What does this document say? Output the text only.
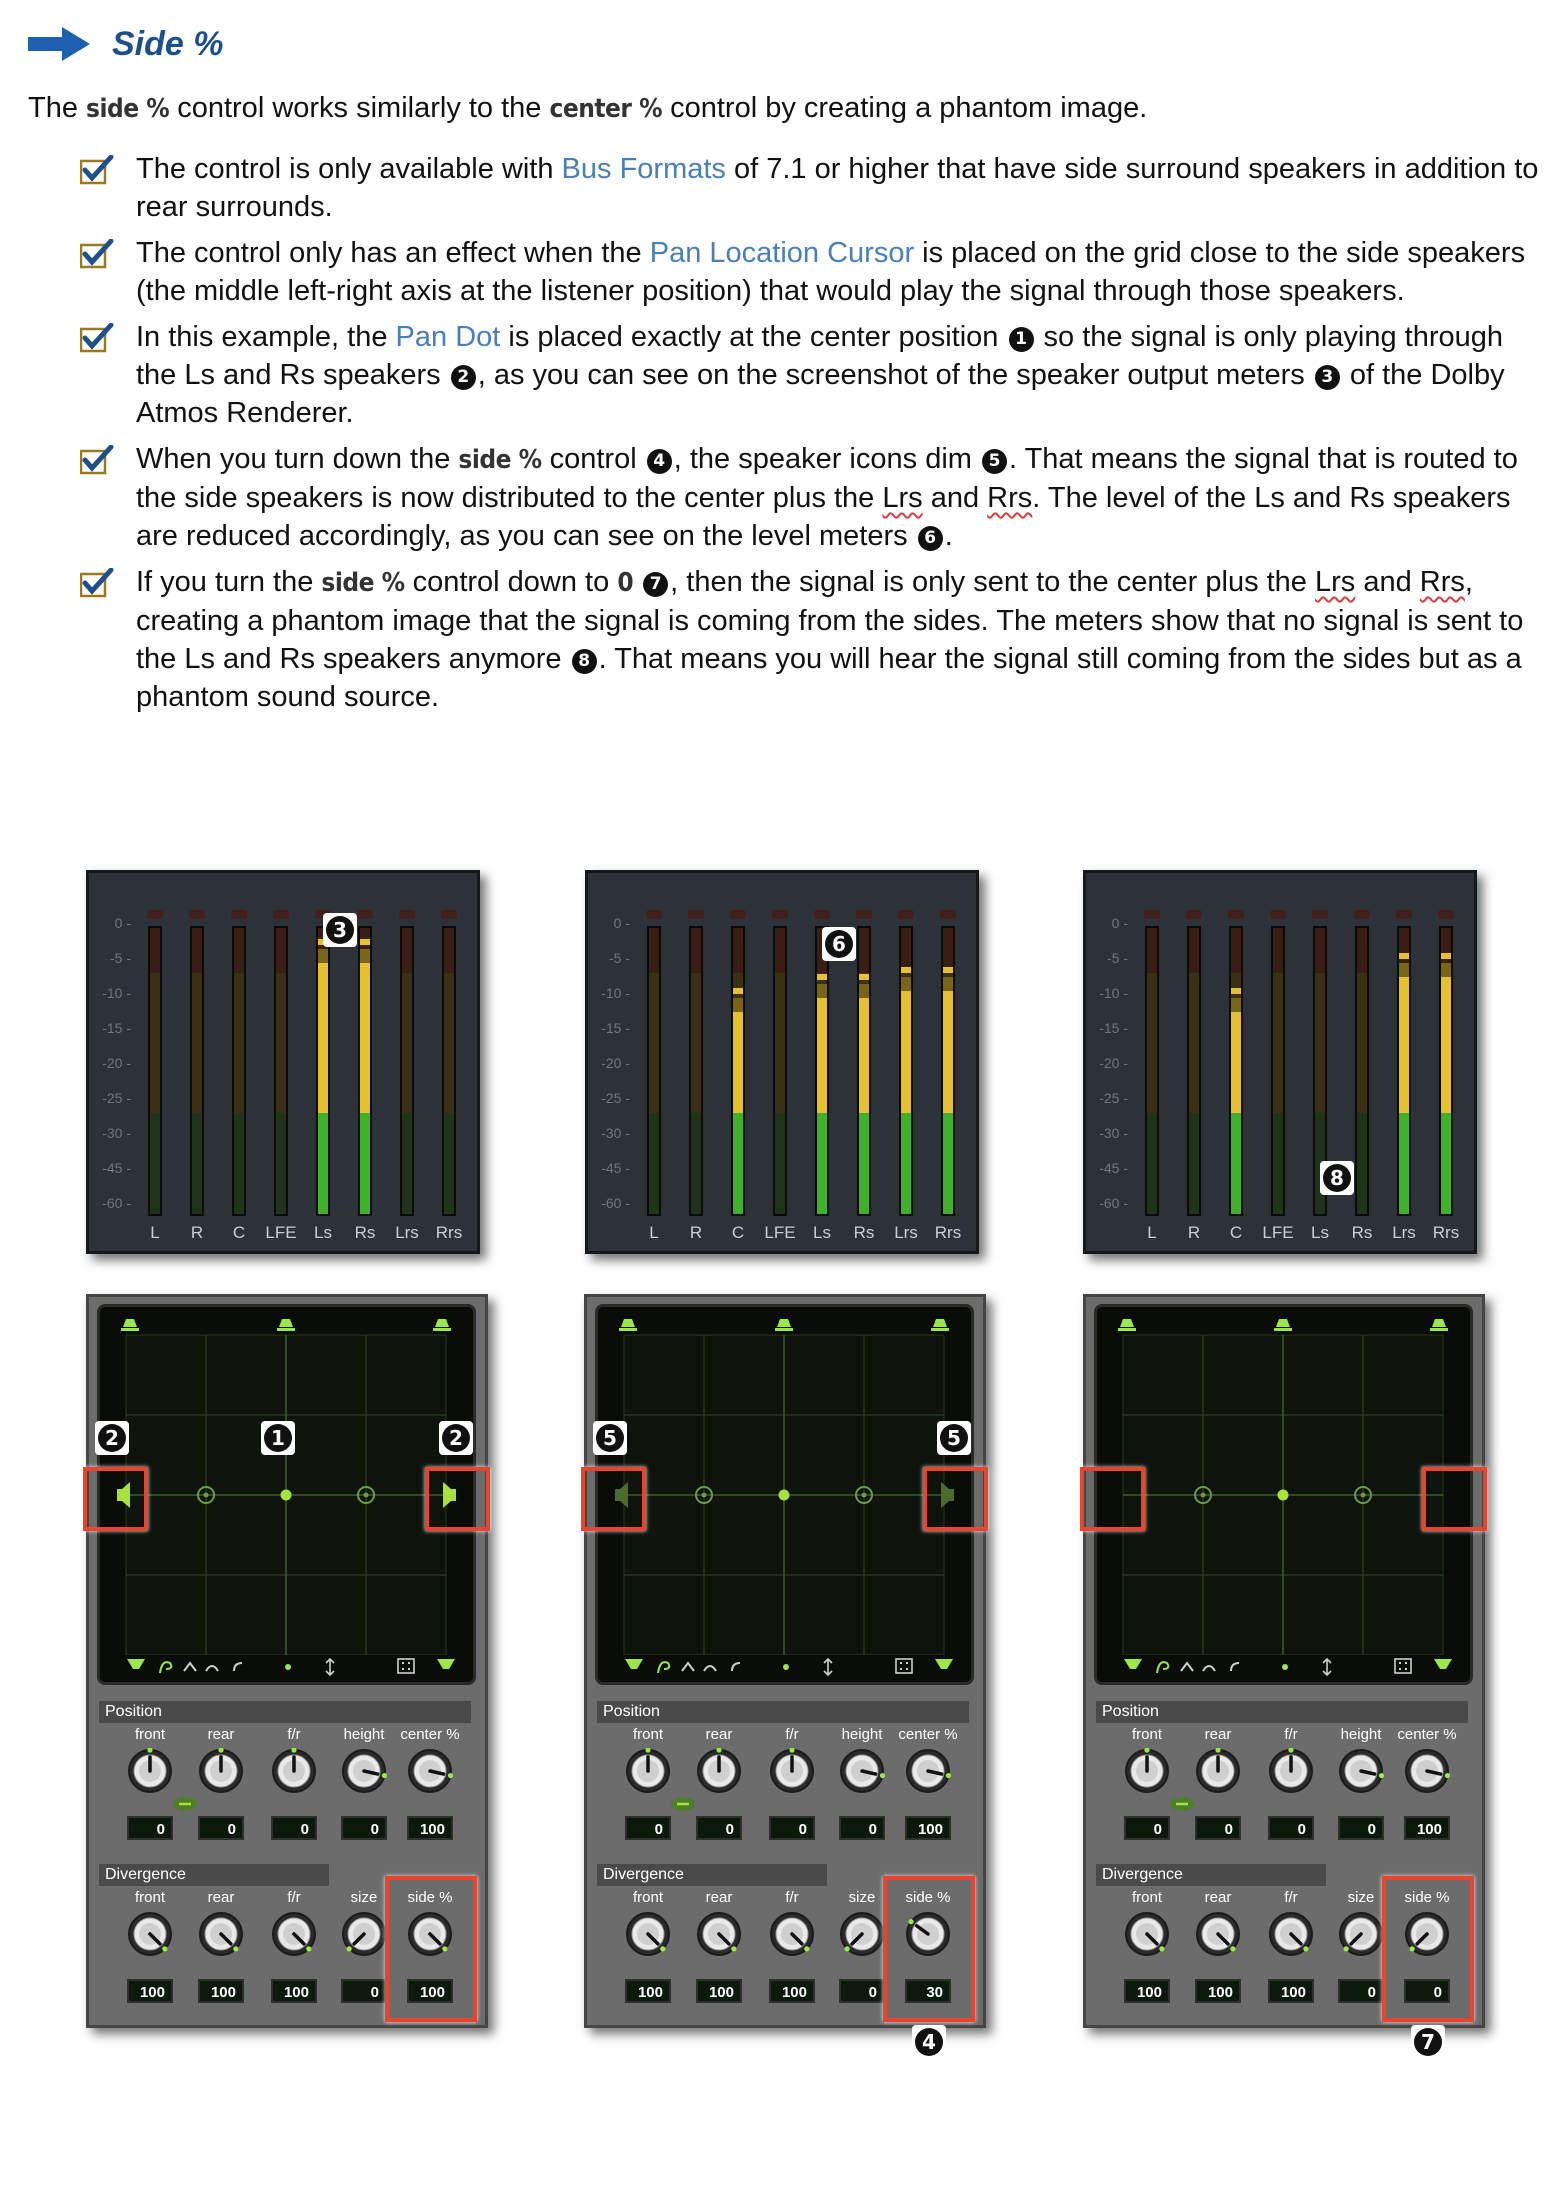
Side %
The side % control works similarly to the center % control by creating a phantom image.
The control is only available with Bus Formats of 7.1 or higher that have side surround speakers in addition to rear surrounds.
The control only has an effect when the Pan Location Cursor is placed on the grid close to the side speakers (the middle left-right axis at the listener position) that would play the signal through those speakers.
In this example, the Pan Dot is placed exactly at the center position 1 so the signal is only playing through the Ls and Rs speakers 2 , as you can see on the screenshot of the speaker output meters 3 of the Dolby Atmos Renderer.
When you turn down the side % control 4 , the speaker icons dim 5 . That means the signal that is routed to the side speakers is now distributed to the center plus the Lrs and Rrs. The level of the Ls and Rs speakers are reduced accordingly, as you can see on the level meters 6 .
If you turn the side % control down to 0 7 , then the signal is only sent to the center plus the Lrs and Rrs, creating a phantom image that the signal is coming from the sides. The meters show that no signal is sent to the Ls and Rs speakers anymore 8 . That means you will hear the signal still coming from the sides but as a phantom sound source.
0 -
-5 -
-10 -
-15 -
-20 -
-25 -
-30 -
-45 -
-60 -
L	R	C	LFE	Ls	Rs	Lrs Rrs
3	0 -
-5 -
-10 -
-15 -
-20 -
-25 -
-30 -
-45 -
-60 -
L	R	C	LFE	Ls	Rs	Lrs Rrs
6
0 -
-5 -
-10 -
-15 -
-20 -
-25 -
-30 -
-45 -
-60 -
L	R	C	LFE	Ls	Rs	Lrs Rrs
8
Position
front
0
rear
0
f/r
0
height
0
center %
100
Divergence
front
100
rear
100
f/r
100
size
0
side %
100
2	2
1
Position
front
0
rear
0
f/r
0
height
0
center %
100
Divergence
front
100
rear
100
f/r
100
size
0
side %
30
5	5
4
Position
front
0
rear
0
f/r
0
height
0
center %
100
Divergence
front
100
rear
100
f/r
100
size
0
side %
0
7
